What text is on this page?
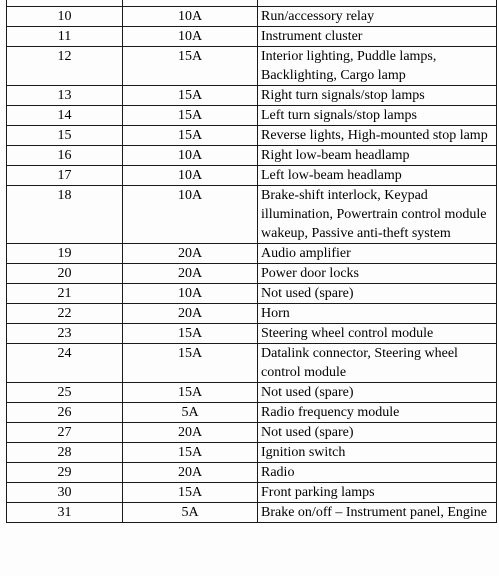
10	10A	Run/accessory relay
11	10A	Instrument cluster
12	15A	Interior lighting, Puddle lamps, Backlighting, Cargo lamp
13	15A	Right turn signals/stop lamps
14	15A	Left turn signals/stop lamps
15	15A	Reverse lights, High-mounted stop lamp
16	10A	Right low-beam headlamp
17	10A	Left low-beam headlamp
18	10A	Brake-shift interlock, Keypad illumination, Powertrain control module wakeup, Passive anti-theft system
19	20A	Audio amplifier
20	20A	Power door locks
21	10A	Not used (spare)
22	20A	Horn
23	15A	Steering wheel control module
24	15A	Datalink connector, Steering wheel control module
25	15A	Not used (spare)
26	5A	Radio frequency module
27	20A	Not used (spare)
28	15A	Ignition switch
29	20A	Radio
30	15A	Front parking lamps
31	5A	Brake on/off – Instrument panel, Engine
